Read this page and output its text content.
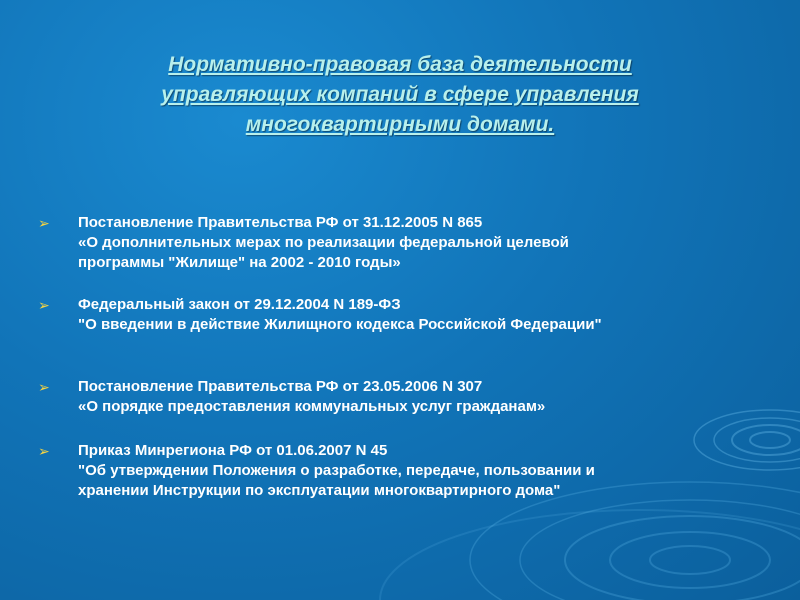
Нормативно-правовая база деятельности
управляющих компаний в сфере управления
многоквартирными домами.
➢	Постановление Правительства РФ от 31.12.2005 N 865
«О дополнительных мерах по реализации федеральной целевой
программы "Жилище" на 2002 - 2010 годы»
➢	Федеральный закон от 29.12.2004 N 189-ФЗ
"О введении в действие Жилищного кодекса Российской Федерации"
➢	Постановление Правительства РФ от 23.05.2006 N 307
«О порядке предоставления коммунальных услуг гражданам»
➢	Приказ Минрегиона РФ от 01.06.2007 N 45
"Об утверждении Положения о разработке, передаче, пользовании и
хранении Инструкции по эксплуатации многоквартирного дома"
